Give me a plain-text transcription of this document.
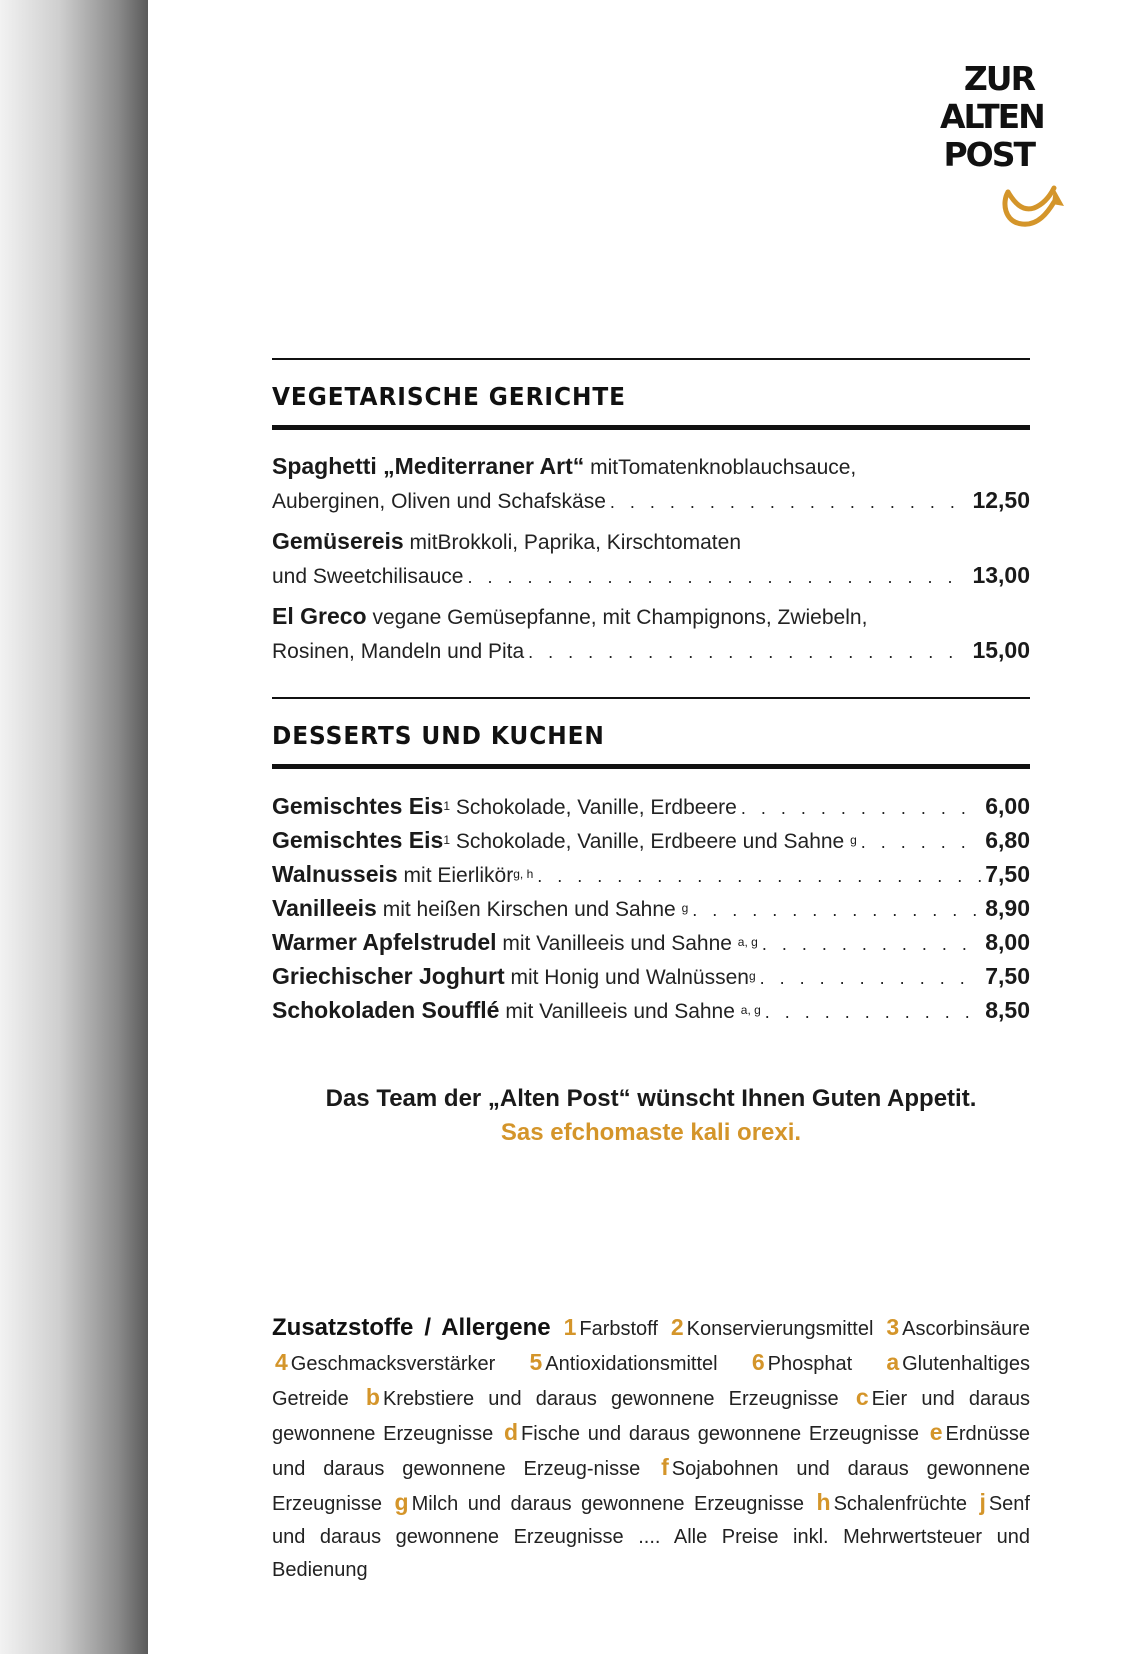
ZUR
ALTEN
POST
VEGETARISCHE GERICHTE
Spaghetti „Mediterraner Art“ mitTomatenknoblauchsauce,
Auberginen, Oliven und Schafskäse . . .	12,50
Gemüsereis mitBrokkoli, Paprika, Kirschtomaten
und Sweetchilisauce . . .	13,00
El Greco vegane Gemüsepfanne, mit Champignons, Zwiebeln,
Rosinen, Mandeln und Pita . . .	15,00
DESSERTS UND KUCHEN
Gemischtes Eis$^1$ Schokolade, Vanille, Erdbeere . . .	6,00
Gemischtes Eis$^1$ Schokolade, Vanille, Erdbeere und Sahne $^g$ . . .	6,80
Walnusseis mit Eierlikör$^{g, h}$ . . .	7,50
Vanilleeis mit heißen Kirschen und Sahne $^g$ . . .	8,90
Warmer Apfelstrudel mit Vanilleeis und Sahne $^{a, g}$ . . .	8,00
Griechischer Joghurt mit Honig und Walnüssen$^g$ . . .	7,50
Schokoladen Soufflé mit Vanilleeis und Sahne $^{a, g}$ . . .	8,50
Das Team der „Alten Post“ wünscht Ihnen Guten Appetit.
Sas efchomaste kali orexi.
Zusatzstoffe / Allergene 1 Farbstoff 2 Konservierungsmittel 3 Ascorbinsäure 4 Geschmacksverstärker 5 Antioxidationsmittel 6 Phosphat a Glutenhaltiges Getreide b Krebstiere und daraus gewonnene Erzeugnisse c Eier und daraus gewonnene Erzeugnisse d Fische und daraus gewonnene Erzeugnisse e Erdnüsse und daraus gewonnene Erzeug-nisse f Sojabohnen und daraus gewonnene Erzeugnisse g Milch und daraus gewonnene Erzeugnisse h Schalenfrüchte j Senf und daraus gewonnene Erzeugnisse .... Alle Preise inkl. Mehrwertsteuer und Bedienung
